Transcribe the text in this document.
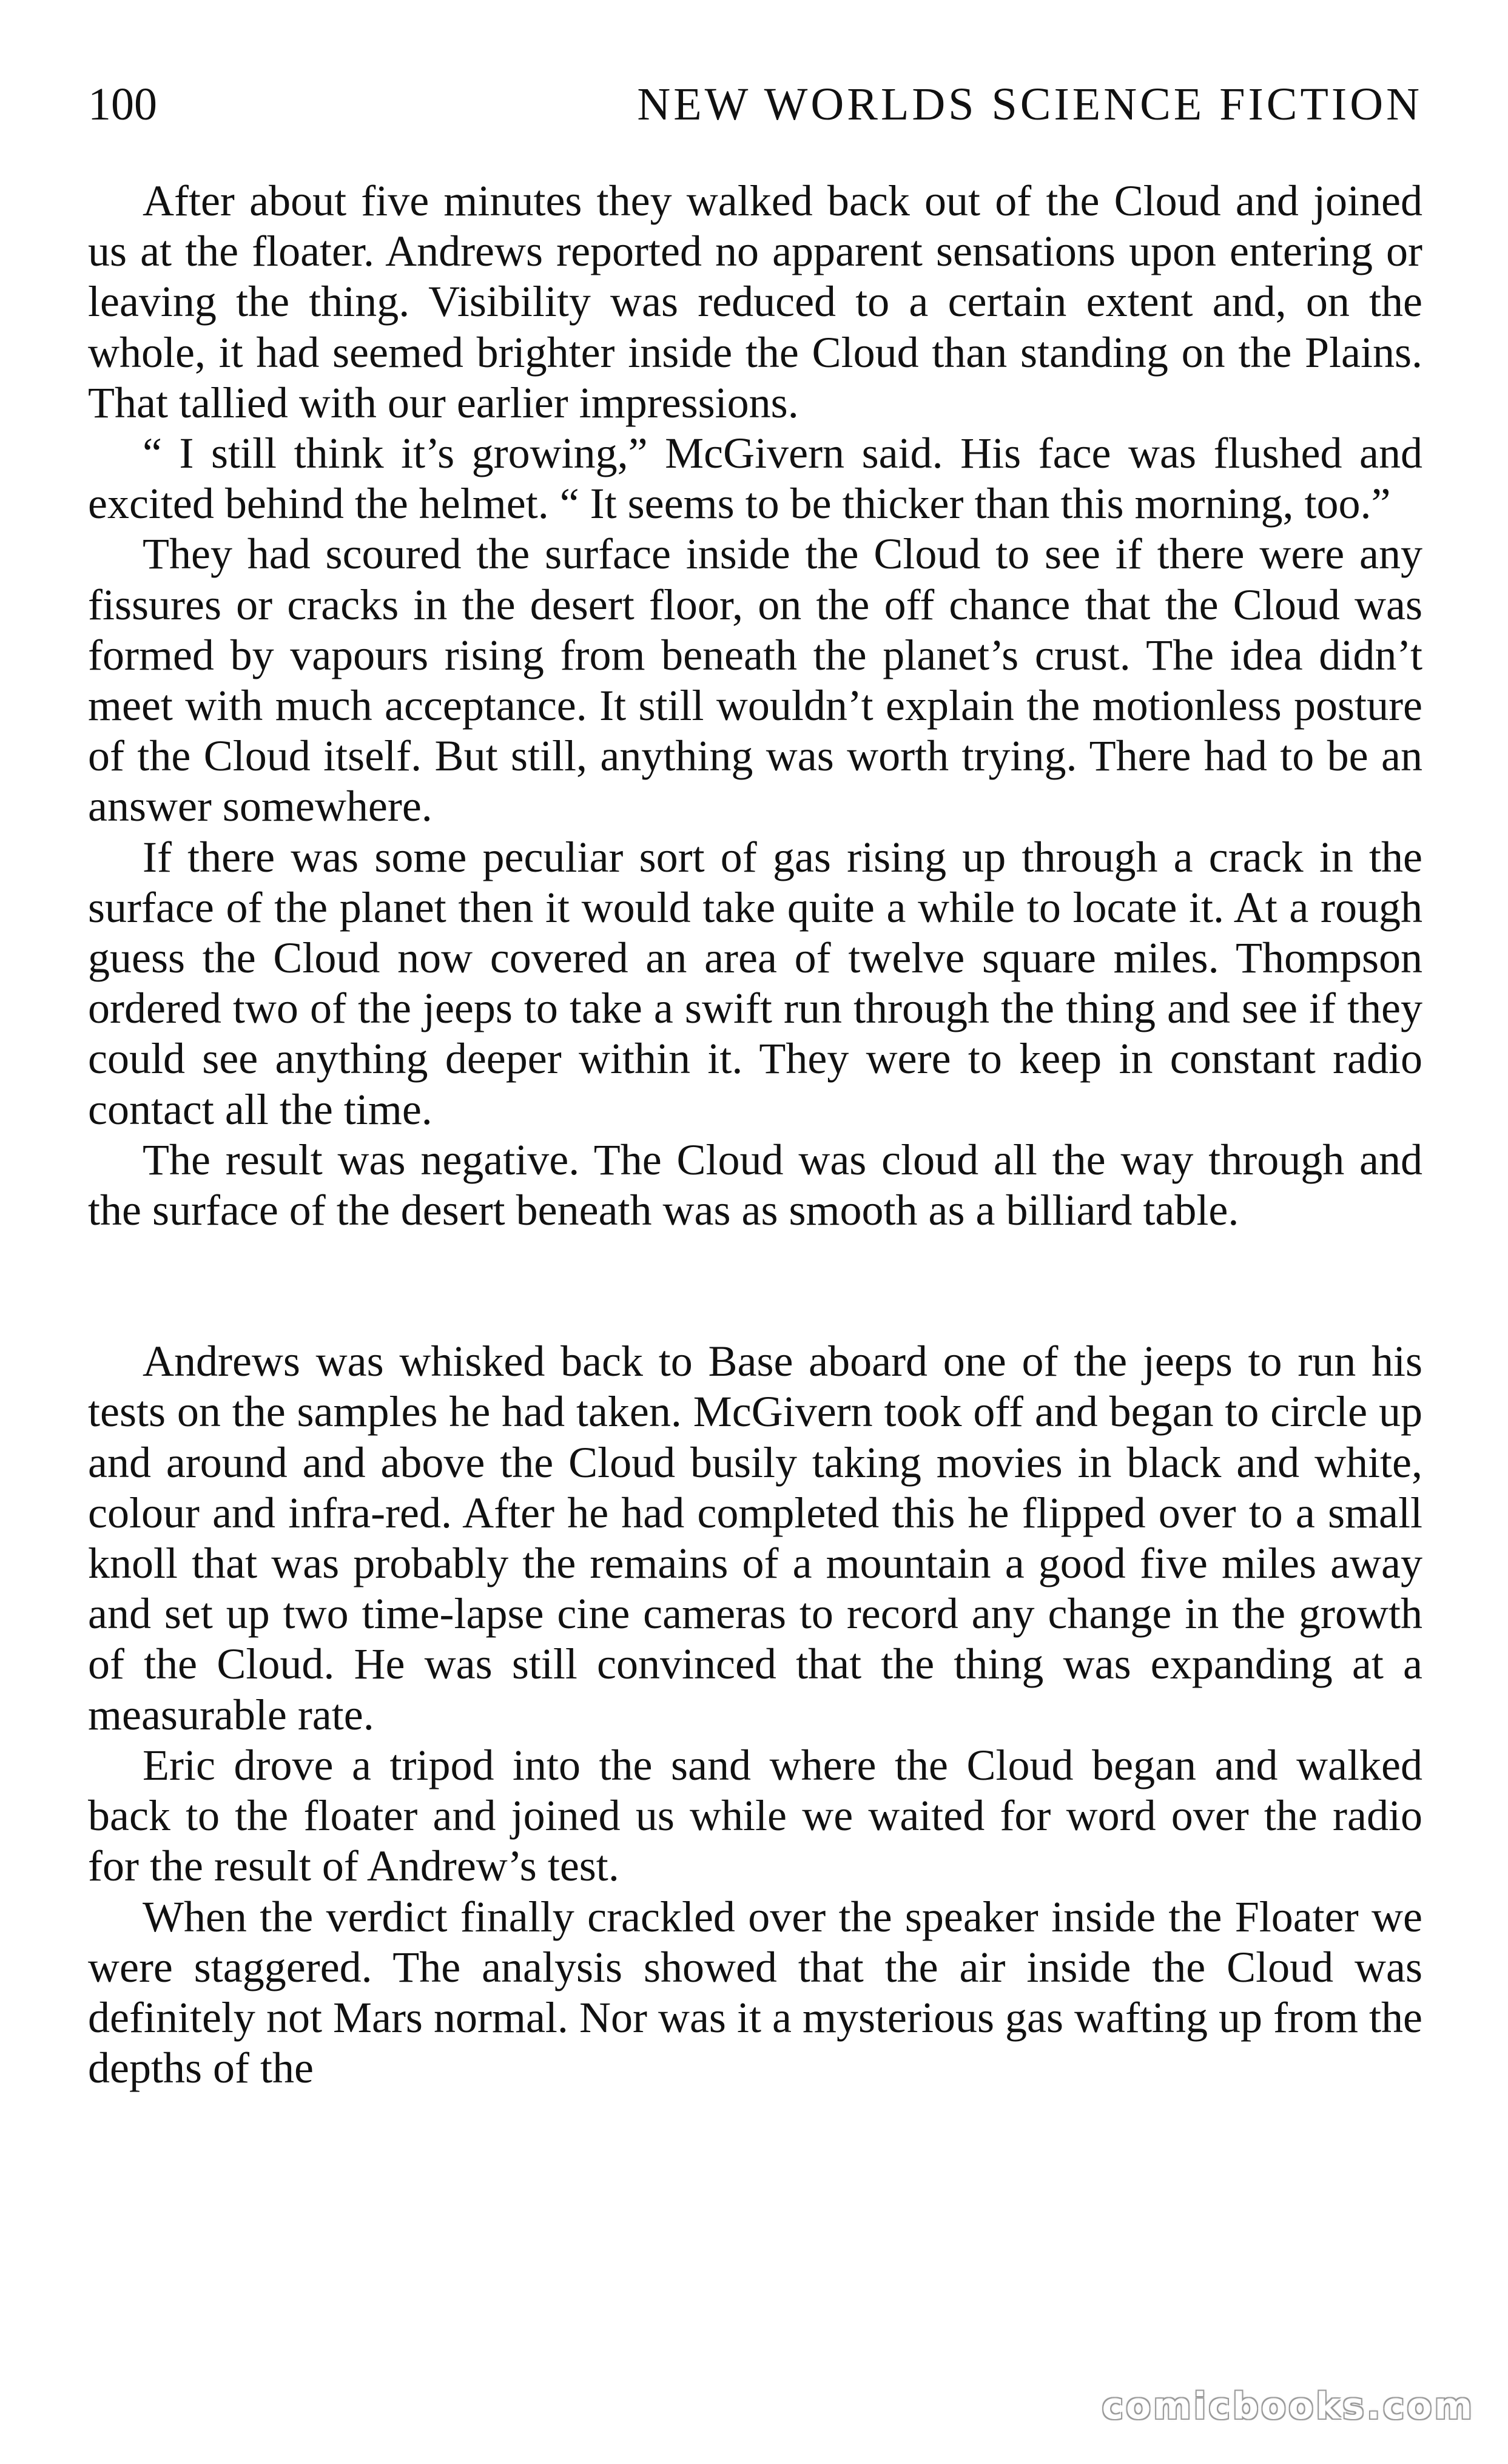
100	NEW WORLDS SCIENCE FICTION

After about five minutes they walked back out of the Cloud and joined us at the floater. Andrews reported no apparent sensations upon entering or leaving the thing. Visibility was reduced to a certain extent and, on the whole, it had seemed brighter inside the Cloud than standing on the Plains. That tallied with our earlier impressions.

“ I still think it’s growing,” McGivern said. His face was flushed and excited behind the helmet. “ It seems to be thicker than this morning, too.”

They had scoured the surface inside the Cloud to see if there were any fissures or cracks in the desert floor, on the off chance that the Cloud was formed by vapours rising from beneath the planet’s crust. The idea didn’t meet with much acceptance. It still wouldn’t explain the motionless posture of the Cloud itself. But still, anything was worth trying. There had to be an answer somewhere.

If there was some peculiar sort of gas rising up through a crack in the surface of the planet then it would take quite a while to locate it. At a rough guess the Cloud now covered an area of twelve square miles. Thompson ordered two of the jeeps to take a swift run through the thing and see if they could see anything deeper within it. They were to keep in constant radio contact all the time.

The result was negative. The Cloud was cloud all the way through and the surface of the desert beneath was as smooth as a billiard table.

Andrews was whisked back to Base aboard one of the jeeps to run his tests on the samples he had taken. McGivern took off and began to circle up and around and above the Cloud busily taking movies in black and white, colour and infra-red. After he had completed this he flipped over to a small knoll that was probably the remains of a mountain a good five miles away and set up two time-lapse cine cameras to record any change in the growth of the Cloud. He was still convinced that the thing was expanding at a measurable rate.

Eric drove a tripod into the sand where the Cloud began and walked back to the floater and joined us while we waited for word over the radio for the result of Andrew’s test.

When the verdict finally crackled over the speaker inside the Floater we were staggered. The analysis showed that the air inside the Cloud was definitely not Mars normal. Nor was it a mysterious gas wafting up from the depths of the

comicbooks.com
